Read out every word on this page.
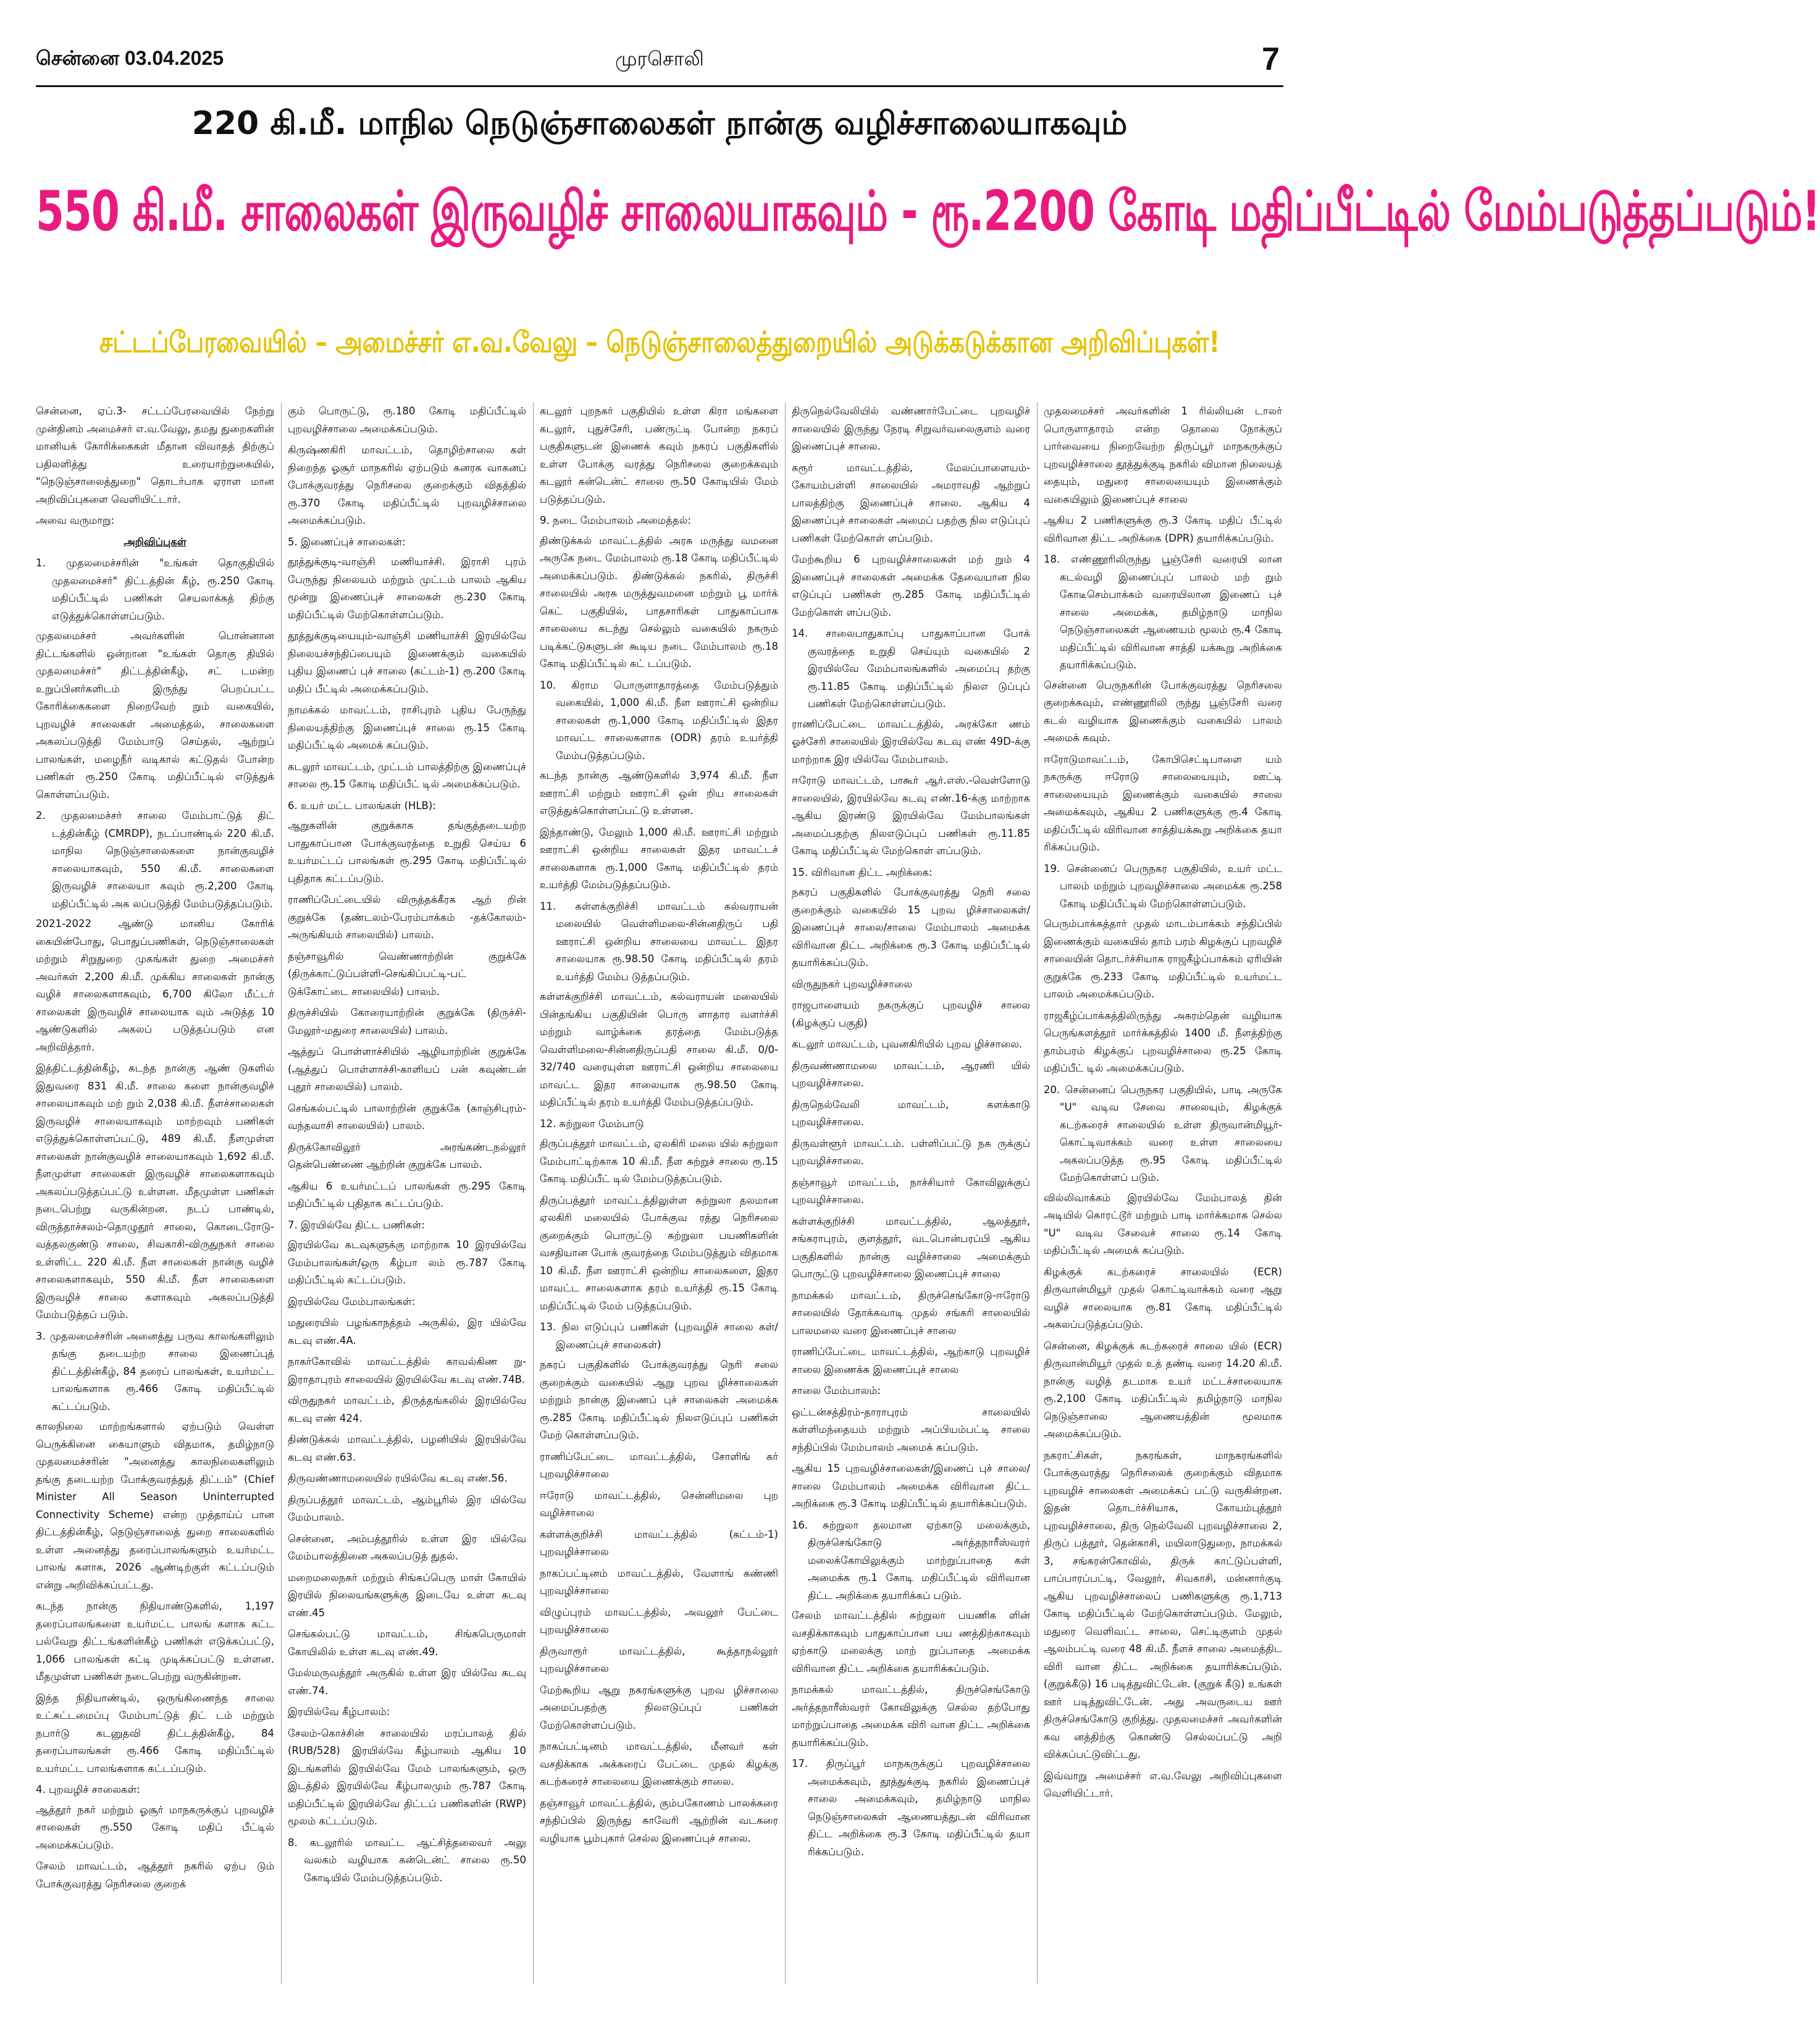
சென்னை 03.04.2025	முரசொலி	7
220 கி.மீ. மாநில நெடுஞ்சாலைகள் நான்கு வழிச்சாலையாகவும்
550 கி.மீ. சாலைகள் இருவழிச் சாலையாகவும் - ரூ.2200 கோடி மதிப்பீட்டில் மேம்படுத்தப்படும்!
சட்டப்பேரவையில் – அமைச்சர் எ.வ.வேலு – நெடுஞ்சாலைத்துறையில் அடுக்கடுக்கான அறிவிப்புகள்!

சென்னை, ஏப்.3- சட்டப்பேரவையில் நேற்று முன்தினம் அமைச்சர் எ.வ.வேலு, தமது துறைகளின் மானியக் கோரிக்கைகள் மீதான விவாதத் திற்குப் பதிலளித்து உரையாற்றுகையில், "நெடுஞ்சாலைத்துறை" தொடர்பாக ஏராள மான அறிவிப்புகளை வெளியிட்டார்.

அவை வருமாறு:

அறிவிப்புகள்

1. முதலமைச்சரின் "உங்கள் தொகுதியில் முதலமைச்சர்" திட்டத்தின் கீழ், ரூ.250 கோடி மதிப்பீட்டில் பணிகள் செயலாக்கத் திற்கு எடுத்துக்கொள்ளப்படும்.

முதலமைச்சர் அவர்களின் பொன்னான திட்டங்களில் ஒன்றான "உங்கள் தொகு தியில் முதலமைச்சர்" திட்டத்தின்கீழ், சட் டமன்ற உறுப்பினர்களிடம் இருந்து பெறப்பட்ட கோரிக்கைகளை நிறைவேற் றும் வகையில், புறவழிச் சாலைகள் அமைத்தல், சாலைகளை அகலப்படுத்தி மேம்பாடு செய்தல், ஆற்றுப் பாலங்கள், மழைநீர் வடிகால் கட்டுதல் போன்ற பணிகள் ரூ.250 கோடி மதிப்பீட்டில் எடுத்துக் கொள்ளப்படும்.

2. முதலமைச்சர் சாலை மேம்பாட்டுத் திட் டத்தின்கீழ் (CMRDP), நடப்பாண்டில் 220 கி.மீ. மாநில நெடுஞ்சாலைகளை நான்குவழிச் சாலையாகவும், 550 கி.மீ. சாலைகளை இருவழிச் சாலையா கவும் ரூ.2,200 கோடி மதிப்பீட்டில் அக லப்படுத்தி மேம்படுத்தப்படும்.

2021-2022 ஆண்டு மானிய கோரிக் கையின்போது, பொதுப்பணிகள், நெடுஞ்சாலைகள் மற்றும் சிறுதுறை முகங்கள் துறை அமைச்சர் அவர்கள் 2,200 கி.மீ. முக்கிய சாலைகள் நான்கு வழிச் சாலைகளாகவும், 6,700 கிலோ மீட்டர் சாலைகள் இருவழிச் சாலையாக வும் அடுத்த 10 ஆண்டுகளில் அகலப் படுத்தப்படும் என அறிவித்தார்.

இத்திட்டத்தின்கீழ், கடந்த நான்கு ஆண் டுகளில் இதுவரை 831 கி.மீ. சாலை களை நான்குவழிச் சாலையாகவும் மற் றும் 2,038 கி.மீ. நீளச்சாலைகள் இருவழிச் சாலையாகவும் மாற்றவும் பணிகள் எடுத்துக்கொள்ளப்பட்டு, 489 கி.மீ. நீளமுள்ள சாலைகள் நான்குவழிச் சாலையாகவும் 1,692 கி.மீ. நீளமுள்ள சாலைகள் இருவழிச் சாலைகளாகவும் அகலப்படுத்தப்பட்டு உள்ளன. மீதமுள்ள பணிகள் நடைபெற்று வருகின்றன. நடப் பாண்டில், விருத்தாச்சலம்-தொழுதூர் சாலை, கொடைரோடு-வத்தலகுண்டு சாலை, சிவகாசி-விருதுநகர் சாலை உள்ளிட்ட 220 கி.மீ. நீள சாலைகள் நான்கு வழிச் சாலைகளாகவும், 550 கி.மீ. நீள சாலைகளை இருவழிச் சாலை களாகவும் அகலப்படுத்தி மேம்படுத்தப் படும்.

3. முதலமைச்சரின் அனைத்து பருவ காலங்களிலும் தங்கு தடையற்ற சாலை இணைப்புத் திட்டத்தின்கீழ், 84 தரைப் பாலங்கள், உயர்மட்ட பாலங்களாக ரூ.466 கோடி மதிப்பீட்டில் கட்டப்படும்.

காலநிலை மாற்றங்களால் ஏற்படும் வெள்ள பெருக்கினை கையாளும் விதமாக, தமிழ்நாடு முதலமைச்சரின் "அனைத்து காலநிலைகளிலும் தங்கு தடையற்ற போக்குவரத்துத் திட்டம்" (Chief Minister All Season Uninterrupted Connectivity Scheme) என்ற முத்தாய்ப் பான திட்டத்தின்கீழ், நெடுஞ்சாலைத் துறை சாலைகளில் உள்ள அனைத்து தரைப்பாலங்களும் உயர்மட்ட பாலங் களாக, 2026 ஆண்டிற்குள் கட்டப்படும் என்று அறிவிக்கப்பட்டது.

கடந்த நான்கு நிதியாண்டுகளில், 1,197 தரைப்பாலங்களை உயர்மட்ட பாலங் களாக கட்ட பல்வேறு திட்டங்களின்கீழ் பணிகள் எடுக்கப்பட்டு, 1,066 பாலங்கள் கட்டி முடிக்கப்பட்டு உள்ளன. மீதமுள்ள பணிகள் நடைபெற்று வருகின்றன.

இந்த நிதியாண்டில், ஒருங்கிணைந்த சாலை உட்கட்டமைப்பு மேம்பாட்டுத் திட் டம் மற்றும் நபார்டு கடனுதவி திட்டத்தின்கீழ், 84 தரைப்பாலங்கள் ரூ.466 கோடி மதிப்பீட்டில் உயர்மட்ட பாலங்களாக கட்டப்படும்.

4. புறவழிச் சாலைகள்:

ஆத்தூர் நகர் மற்றும் ஓசூர் மாநகருக்குப் புறவழிச் சாலைகள் ரூ.550 கோடி மதிப் பீட்டில் அமைக்கப்படும்.

சேலம் மாவட்டம், ஆத்தூர் நகரில் ஏற்ப டும் போக்குவரத்து நெரிசலை குறைக்

கும் பொருட்டு, ரூ.180 கோடி மதிப்பீட்டில் புறவழிச்சாலை அமைக்கப்படும்.

கிருஷ்ணகிரி மாவட்டம், தொழிற்சாலை கள் நிறைந்த ஓசூர் மாநகரில் ஏற்படும் கனரக வாகனப் போக்குவரத்து நெரிசலை குறைக்கும் விதத்தில் ரூ.370 கோடி மதிப்பீட்டில் புறவழிச்சாலை அமைக்கப்படும்.

5. இணைப்புச் சாலைகள்:

தூத்துக்குடி-வாஞ்சி மணியாச்சி. இராசி புரம் பேருந்து நிலையம் மற்றும் முட்டம் பாலம் ஆகிய மூன்று இணைப்புச் சாலைகள் ரூ.230 கோடி மதிப்பீட்டில் மேற்கொள்ளப்படும்.

தூத்துக்குடியையும்-வாஞ்சி மணியாச்சி இரயில்வே நிலையச்சந்திப்பையும் இணைக்கும் வகையில் புதிய இணைப் புச் சாலை (கட்டம்-1) ரூ.200 கோடி மதிப் பீட்டில் அமைக்கப்படும்.

நாமக்கல் மாவட்டம், ராசிபுரம் புதிய பேருந்து நிலையத்திற்கு இணைப்புச் சாலை ரூ.15 கோடி மதிப்பீட்டில் அமைக் கப்படும்.

கடலூர் மாவட்டம், முட்டம் பாலத்திற்கு இணைப்புச் சாலை ரூ.15 கோடி மதிப்பீட் டில் அமைக்கப்படும்.

6. உயர் மட்ட பாலங்கள் (HLB):

ஆறுகளின் குறுக்காக தங்குத்தடையற்ற பாதுகாப்பான போக்குவரத்தை உறுதி செய்ய 6 உயர்மட்டப் பாலங்கள் ரூ.295 கோடி மதிப்பீட்டில் புதிதாக கட்டப்படும்.

ராணிப்பேட்டையில் விருத்தக்கீரக ஆற் றின் குறுக்கே (தண்டலம்-பேரம்பாக்கம் -தக்கோலம்-அருங்கியம் சாலையில்) பாலம்.

தஞ்சாவூரில் வெண்ணாற்றின் குறுக்கே (திருக்காட்டுப்பள்ளி-செங்கிப்பட்டி-பட் டுக்கோட்டை சாலையில்) பாலம்.

திருச்சியில் கோரையாற்றின் குறுக்கே (திருச்சி-மேலூர்-மதுரை சாலையில்) பாலம்.

ஆத்துப் பொள்ளாச்சியில் ஆழியாற்றின் குறுக்கே (ஆத்துப் பொள்ளாச்சி-காளியப் பன் கவுண்டன் புதூர் சாலையில்) பாலம்.

செங்கல்பட்டில் பாலாற்றின் குறுக்கே (காஞ்சிபுரம்-வந்தவாசி சாலையில்) பாலம்.

திருக்கோவிலூர் அரங்கண்டநல்லூர் தென்பெண்ணை ஆற்றின் குறுக்கே பாலம்.

ஆகிய 6 உயர்மட்டப் பாலங்கள் ரூ.295 கோடி மதிப்பீட்டில் புதிதாக கட்டப்படும்.

7. இரயில்வே திட்ட பணிகள்:

இரயில்வே கடவுகளுக்கு மாற்றாக 10 இரயில்வே மேம்பாலங்கள்/ஒரு கீழ்பா லம் ரூ.787 கோடி மதிப்பீட்டில் கட்டப்படும்.

இரயில்வே மேம்பாலங்கள்:

மதுரையில் பழங்காநத்தம் அருகில், இர யில்வே கடவு எண்.4A.

நாகர்கோவில் மாவட்டத்தில் காவல்கிண று-இராதாபுரம் சாலையில் இரயில்வே கடவு எண்.74B.

விருதுநகர் மாவட்டம், திருத்தங்கலில் இரயில்வே கடவு எண் 424.

திண்டுக்கல் மாவட்டத்தில், பழனியில் இரயில்வே கடவு எண்.63.

திருவண்ணாமலையில் ரயில்வே கடவு எண்.56.

திருப்பத்தூர் மாவட்டம், ஆம்பூரில் இர யில்வே மேம்பாலம்.

சென்னை, அம்பத்தூரில் உள்ள இர யில்வே மேம்பாலத்தினை அகலப்படுத் துதல்.

மறைமலைநகர் மற்றும் சிங்கப்பெரு மாள் கோயில் இரயில் நிலையங்களுக்கு இடையே உள்ள கடவு எண்.45

செங்கல்பட்டு மாவட்டம், சிங்கபெருமாள் கோயிலில் உள்ள கடவு எண்.49.

மேல்மருவத்தூர் அருகில் உள்ள இர யில்வே கடவு எண்.74.

இரயில்வே கீழ்பாலம்:

சேலம்-கொச்சின் சாலையில் மரப்பாலத் தில் (RUB/528) இரயில்வே கீழ்பாலம் ஆகிய 10 இடங்களில் இரயில்வே மேம் பாலங்களும், ஒரு இடத்தில் இரயில்வே கீழ்பாலமும் ரூ.787 கோடி மதிப்பீட்டில் இரயில்வே திட்டப் பணிகளின் (RWP) மூலம் கட்டப்படும்.

8. கடலூரில் மாவட்ட ஆட்சித்தலைவர் அலு வலகம் வழியாக கன்டென்ட் சாலை ரூ.50 கோடியில் மேம்படுத்தப்படும்.

கடலூர் புறநகர் பகுதியில் உள்ள கிரா மங்களை கடலூர், புதுச்சேரி, பண்ருட்டி போன்ற நகரப் பகுதிகளுடன் இணைக் கவும் நகரப் பகுதிகளில் உள்ள போக்கு வரத்து நெரிசலை குறைக்கவும் கடலூர் கன்டென்ட் சாலை ரூ.50 கோடியில் மேம் படுத்தப்படும்.

9. நடை மேம்பாலம் அமைத்தல்:

திண்டுக்கல் மாவட்டத்தில் அரசு மருத்து வமனை அருகே நடை மேம்பாலம் ரூ.18 கோடி மதிப்பீட்டில் அமைக்கப்படும். திண்டுக்கல் நகரில், திருச்சி சாலையில் அரசு மருத்துவமனை மற்றும் பூ மார்க் கெட் பகுதியில், பாதசாரிகள் பாதுகாப்பாக சாலையை கடந்து செல்லும் வகையில் நகரும் படிக்கட்டுகளுடன் கூடிய நடை மேம்பாலம் ரூ.18 கோடி மதிப்பீட்டில் கட் டப்படும்.

10. கிராம பொருளாதாரத்தை மேம்படுத்தும் வகையில், 1,000 கி.மீ. நீள ஊராட்சி ஒன்றிய சாலைகள் ரூ.1,000 கோடி மதிப்பீட்டில் இதர மாவட்ட சாலைகளாக (ODR) தரம் உயர்த்தி மேம்படுத்தப்படும்.

கடந்த நான்கு ஆண்டுகளில் 3,974 கி.மீ. நீள ஊராட்சி மற்றும் ஊராட்சி ஒன் றிய சாலைகள் எடுத்துக்கொள்ளப்பட்டு உள்ளன.

இந்தாண்டு, மேலும் 1,000 கி.மீ. ஊராட்சி மற்றும் ஊராட்சி ஒன்றிய சாலைகள் இதர மாவட்டச் சாலைகளாக ரூ.1,000 கோடி மதிப்பீட்டில் தரம் உயர்த்தி மேம்படுத்தப்படும்.

11. கள்ளக்குறிச்சி மாவட்டம் கல்வராயன் மலையில் வெள்ளிமலை-சின்னதிருப் பதி ஊராட்சி ஒன்றிய சாலையை மாவட்ட இதர சாலையாக ரூ.98.50 கோடி மதிப்பீட்டில் தரம் உயர்த்தி மேம்ப டுத்தப்படும்.

கள்ளக்குறிச்சி மாவட்டம், கல்வராயன் மலையில் பின்தங்கிய பகுதியின் பொரு ளாதார வளர்ச்சி மற்றும் வாழ்க்கை தரத்தை மேம்படுத்த வெள்ளிமலை-சின்னதிருப்பதி சாலை கி.மீ. 0/0-32/740 வரையுள்ள ஊராட்சி ஒன்றிய சாலையை மாவட்ட இதர சாலையாக ரூ.98.50 கோடி மதிப்பீட்டில் தரம் உயர்த்தி மேம்படுத்தப்படும்.

12. சுற்றுலா மேம்பாடு

திருப்பத்தூர் மாவட்டம், ஏலகிரி மலை யில் சுற்றுலா மேம்பாட்டிற்காக 10 கி.மீ. நீள சுற்றுச் சாலை ரூ.15 கோடி மதிப்பீட் டில் மேம்படுத்தப்படும்.

திருப்பத்தூர் மாவட்டத்திலுள்ள சுற்றுலா தலமான ஏலகிரி மலையில் போக்குவ ரத்து நெரிசலை குறைக்கும் பொருட்டு சுற்றுலா பயணிகளின் வசதியான போக் குவரத்தை மேம்படுத்தும் விதமாக 10 கி.மீ. நீள ஊராட்சி ஒன்றிய சாலைகளை, இதர மாவட்ட சாலைகளாக தரம் உயர்த்தி ரூ.15 கோடி மதிப்பீட்டில் மேம் படுத்தப்படும்.

13. நில எடுப்புப் பணிகள் (புறவழிச் சாலை கள்/இணைப்புச் சாலைகள்)

நகரப் பகுதிகளில் போக்குவரத்து நெரி சலை குறைக்கும் வகையில் ஆறு புறவ ழிச்சாலைகள் மற்றும் நான்கு இணைப் புச் சாலைகள் அமைக்க ரூ.285 கோடி மதிப்பீட்டில் நிலஎடுப்புப் பணிகள் மேற் கொள்ளப்படும்.

ராணிப்பேட்டை மாவட்டத்தில், சோளிங் கர் புறவழிச்சாலை

ஈரோடு மாவட்டத்தில், சென்னிமலை புற வழிச்சாலை

கள்ளக்குறிச்சி மாவட்டத்தில் (கட்டம்-1) புறவழிச்சாலை

நாகப்பட்டினம் மாவட்டத்தில், வேளாங் கண்ணி புறவழிச்சாலை

விழுப்புரம் மாவட்டத்தில், அவலூர் பேட்டை புறவழிச்சாலை

திருவாரூர் மாவட்டத்தில், கூத்தாநல்லூர் புறவழிச்சாலை

மேற்கூறிய ஆறு நகரங்களுக்கு புறவ ழிச்சாலை அமைப்பதற்கு நிலஎடுப்புப் பணிகள் மேற்கொள்ளப்படும்.

நாகப்பட்டினம் மாவட்டத்தில், மீனவர் கள் வசதிக்காக அக்கரைப் பேட்டை முதல் கிழக்கு கடற்கரைச் சாலையை இணைக்கும் சாலை.

தஞ்சாவூர் மாவட்டத்தில், கும்பகோணம் பாலக்கரை சந்திப்பில் இருந்து காவேரி ஆற்றின் வடகரை வழியாக பூம்புகார் செல்ல இணைப்புச் சாலை.

திருநெல்வேலியில் வண்ணார்பேட்டை புறவழிச் சாலையில் இருந்து நேரடி சிறுவர்வலைகுளம் வரை இணைப்புச் சாலை.

கரூர் மாவட்டத்தில், மேலப்பாளையம்-கோயம்பள்ளி சாலையில் அமராவதி ஆற்றுப் பாலத்திற்கு இணைப்புச் சாலை. ஆகிய 4 இணைப்புச் சாலைகள் அமைப் பதற்கு நில எடுப்புப் பணிகள் மேற்கொள் ளப்படும்.

மேற்கூறிய 6 புறவழிச்சாலைகள் மற் றும் 4 இணைப்புச் சாலைகள் அமைக்க தேவையான நில எடுப்புப் பணிகள் ரூ.285 கோடி மதிப்பீட்டில் மேற்கொள் ளப்படும்.

14. சாலைபாதுகாப்பு பாதுகாப்பான போக் குவரத்தை உறுதி செய்யும் வகையில் 2 இரயில்வே மேம்பாலங்களில் அமைப்பு தற்கு ரூ.11.85 கோடி மதிப்பீட்டில் நிலஎ டுப்புப் பணிகள் மேற்கொள்ளப்படும்.

ராணிப்பேட்டை மாவட்டத்தில், அரக்கோ ணம் ஓச்சேரி சாலையில் இரயில்வே கடவு எண் 49D-க்கு மாற்றாக இர யில்வே மேம்பாலம்.

ஈரோடு மாவட்டம், பாகூர் ஆர்.எஸ்.-வெள்ளோடு சாலையில், இரயில்வே கடவு எண்.16-க்கு மாற்றாக ஆகிய இரண்டு இரயில்வே மேம்பாலங்கள் அமைப்பதற்கு நிலஎடுப்புப் பணிகள் ரூ.11.85 கோடி மதிப்பீட்டில் மேற்கொள் ளப்படும்.

15. விரிவான திட்ட அறிக்கை:

நகரப் பகுதிகளில் போக்குவரத்து நெரி சலை குறைக்கும் வகையில் 15 புறவ ழிச்சாலைகள்/இணைப்புச் சாலை/சாலை மேம்பாலம் அமைக்க விரிவான திட்ட அறிக்கை ரூ.3 கோடி மதிப்பீட்டில் தயாரிக்கப்படும்.

விருதுநகர் புறவழிச்சாலை

ராஜபாளையம் நகருக்குப் புறவழிச் சாலை (கிழக்குப் பகுதி)

கடலூர் மாவட்டம், புவனகிரியில் புறவ ழிச்சாலை.

திருவண்ணாமலை மாவட்டம், ஆரணி யில் புறவழிச்சாலை.

திருநெல்வேலி மாவட்டம், களக்காடு புறவழிச்சாலை.

திருவள்ளூர் மாவட்டம். பள்ளிப்பட்டு நக ருக்குப் புறவழிச்சாலை.

தஞ்சாவூர் மாவட்டம், நாச்சியார் கோவிலுக்குப் புறவழிச்சாலை.

கள்ளக்குறிச்சி மாவட்டத்தில், ஆலத்தூர், சங்கராபுரம், குளத்தூர், வடபொன்பரப்பி ஆகிய பகுதிகளில் நான்கு வழிச்சாலை அமைக்கும் பொருட்டு புறவழிச்சாலை இணைப்புச் சாலை

நாமக்கல் மாவட்டம், திருச்செங்கோடு-ஈரோடு சாலையில் தோக்கவாடி முதல் சங்கரி சாலையில் பாலமலை வரை இணைப்புச் சாலை

ராணிப்பேட்டை மாவட்டத்தில், ஆற்காடு புறவழிச் சாலை இணைக்க இணைப்புச் சாலை

சாலை மேம்பாலம்:

ஒட்டன்சத்திரம்-தாராபுரம் சாலையில் கள்ளிமந்தையம் மற்றும் அப்பியம்பட்டி சாலை சந்திப்பில் மேம்பாலம் அமைக் கப்படும்.

ஆகிய 15 புறவழிச்சாலைகள்/இணைப் புச் சாலை/சாலை மேம்பாலம் அமைக்க விரிவான திட்ட அறிக்கை ரூ.3 கோடி மதிப்பீட்டில் தயாரிக்கப்படும்.

16. சுற்றுலா தலமான ஏற்காடு மலைக்கும், திருச்செங்கோடு அர்த்தநாரீஸ்வரர் மலைக்கோயிலுக்கும் மாற்றுப்பாதை கள் அமைக்க ரூ.1 கோடி மதிப்பீட்டில் விரிவான திட்ட அறிக்கை தயாரிக்கப் படும்.

சேலம் மாவட்டத்தில் சுற்றுலா பயணிக ளின் வசதிக்காகவும் பாதுகாப்பான பய ணத்திற்காகவும் ஏற்காடு மலைக்கு மாற் றுப்பாதை அமைக்க விரிவான திட்ட அறிக்கை தயாரிக்கப்படும்.

நாமக்கல் மாவட்டத்தில், திருச்செங்கோடு அர்த்தநாரீஸ்வரர் கோவிலுக்கு செல்ல தற்போது மாற்றுப்பாதை அமைக்க விரி வான திட்ட அறிக்கை தயாரிக்கப்படும்.

17. திருப்பூர் மாநகருக்குப் புறவழிச்சாலை அமைக்கவும், தூத்துக்குடி நகரில் இணைப்புச் சாலை அமைக்கவும், தமிழ்நாடு மாநில நெடுஞ்சாலைகள் ஆணையத்துடன் விரிவான திட்ட அறிக்கை ரூ.3 கோடி மதிப்பீட்டில் தயா ரிக்கப்படும்.

முதலமைச்சர் அவர்களின் 1 ரில்லியன் டாலர் பொருளாதாரம் என்ற தொலை நோக்குப் பார்வையை நிறைவேற்ற திருப்பூர் மாநகருக்குப் புறவழிச்சாலை தூத்துக்குடி நகரில் விமான நிலையத் தையும், மதுரை சாலையையும் இணைக்கும் வகையிலும் இணைப்புச் சாலை

ஆகிய 2 பணிகளுக்கு ரூ.3 கோடி மதிப் பீட்டில் விரிவான திட்ட அறிக்கை (DPR) தயாரிக்கப்படும்.

18. எண்ணூரிலிருந்து பூஞ்சேரி வரையி லான கடல்வழி இணைப்புப் பாலம் மற் றும் கோடீசெம்பாக்கம் வரையிலான இணைப் புச் சாலை அமைக்க, தமிழ்நாடு மாநில நெடுஞ்சாலைகள் ஆணையம் மூலம் ரூ.4 கோடி மதிப்பீட்டில் விரிவான சாத்தி யக்கூறு அறிக்கை தயாரிக்கப்படும்.

சென்னை பெருநகரின் போக்குவரத்து நெரிசலை குறைக்கவும், எண்ணூரிலி ருந்து பூஞ்சேரி வரை கடல் வழியாக இணைக்கும் வகையில் பாலம் அமைக் கவும்.

ஈரோடுமாவட்டம், கோபிசெட்டிபாளை யம் நகருக்கு ஈரோடு சாலையையும், ஊட்டி சாலையையும் இணைக்கும் வகையில் சாலை அமைக்கவும், ஆகிய 2 பணிகளுக்கு ரூ.4 கோடி மதிப்பீட்டில் விரிவான சாத்தியக்கூறு அறிக்கை தயா ரிக்கப்படும்.

19. சென்னைப் பெருநகர பகுதியில், உயர் மட்ட பாலம் மற்றும் புறவழிச்சாலை அமைக்க ரூ.258 கோடி மதிப்பீட்டில் மேற்கொள்ளப்படும்.

பெரும்பாக்கத்தார் முதல் மாடம்பாக்கம் சந்திப்பில் இணைக்கும் வகையில் தாம் பரம் கிழக்குப் புறவழிச் சாலையின் தொடர்ச்சியாக ராஜகீழ்ப்பாக்கம் ஏரியின் குறுக்கே ரூ.233 கோடி மதிப்பீட்டில் உயர்மட்ட பாலம் அமைக்கப்படும்.

ராஜகீழ்ப்பாக்கத்திலிருந்து அகரம்தென் வழியாக பெருங்களத்தூர் மார்க்கத்தில் 1400 மீ. நீளத்திற்கு தாம்பரம் கிழக்குப் புறவழிச்சாலை ரூ.25 கோடி மதிப்பீட் டில் அமைக்கப்படும்.

20. சென்னைப் பெருநகர பகுதியில், பாடி அருகே "U" வடிவ சேவை சாலையும், கிழக்குக் கடற்கரைச் சாலையில் உள்ள திருவான்மியூர்-கொட்டிவாக்கம் வரை உள்ள சாலையை அகலப்படுத்த ரூ.95 கோடி மதிப்பீட்டில் மேற்கொள்ளப் படும்.

வில்லிவாக்கம் இரயில்வே மேம்பாலத் தின் அடியில் கொரட்டூர் மற்றும் பாடி மார்க்கமாக செல்ல "U" வடிவ சேவைச் சாலை ரூ.14 கோடி மதிப்பீட்டில் அமைக் கப்படும்.

கிழக்குக் கடற்கரைச் சாலையில் (ECR) திருவான்மியூர் முதல் கொட்டிவாக்கம் வரை ஆறு வழிச் சாலையாக ரூ.81 கோடி மதிப்பீட்டில் அகலப்படுத்தப்படும்.

சென்னை, கிழக்குக் கடற்கரைச் சாலை யில் (ECR) திருவான்மியூர் முதல் உத் தண்டி வரை 14.20 கி.மீ. நான்கு வழித் தடமாக உயர் மட்டச்சாலையாக ரூ.2,100 கோடி மதிப்பீட்டில் தமிழ்நாடு மாநில நெடுஞ்சாலை ஆணையத்தின் மூலமாக அமைக்கப்படும்.

நகராட்சிகள், நகரங்கள், மாநகரங்களில் போக்குவரத்து நெரிசலைக் குறைக்கும் விதமாக புறவழிச் சாலைகள் அமைக்கப் பட்டு வருகின்றன. இதன் தொடர்ச்சியாக, கோயம்புத்தூர் புறவழிச்சாலை, திரு நெல்வேலி புறவழிச்சாலை 2, திருப் பத்தூர், தென்காசி, மயிலாடுதுறை, நாமக்கல் 3, சங்கரன்கோவில், திருக் காட்டுப்பள்ளி, பாப்பாரப்பட்டி, வேலூர், சிவகாசி, மன்னார்குடி ஆகிய புறவழிச்சாலைப் பணிகளுக்கு ரூ.1,713 கோடி மதிப்பீட்டில் மேற்கொள்ளப்படும். மேலும், மதுரை வெளிவட்ட சாலை, செட்டிகுளம் முதல் ஆலம்பட்டி வரை 48 கி.மீ. நீளச் சாலை அமைத்திட விரி வான திட்ட அறிக்கை தயாரிக்கப்படும். (குறுக்கீடு) 16 படித்துவிட்டேன். (குறுக் கீடு) உங்கள் ஊர் படித்துவிட்டேன். அது அவருடைய ஊர் திருச்செங்கோடு குறித்து. முதலமைச்சர் அவர்களின் கவ னத்திற்கு கொண்டு செல்லப்பட்டு அறி விக்கப்பட்டுவிட்டது.

இவ்வாறு அமைச்சர் எ.வ.வேலு அறிவிப்புகளை வெளியிட்டார்.
